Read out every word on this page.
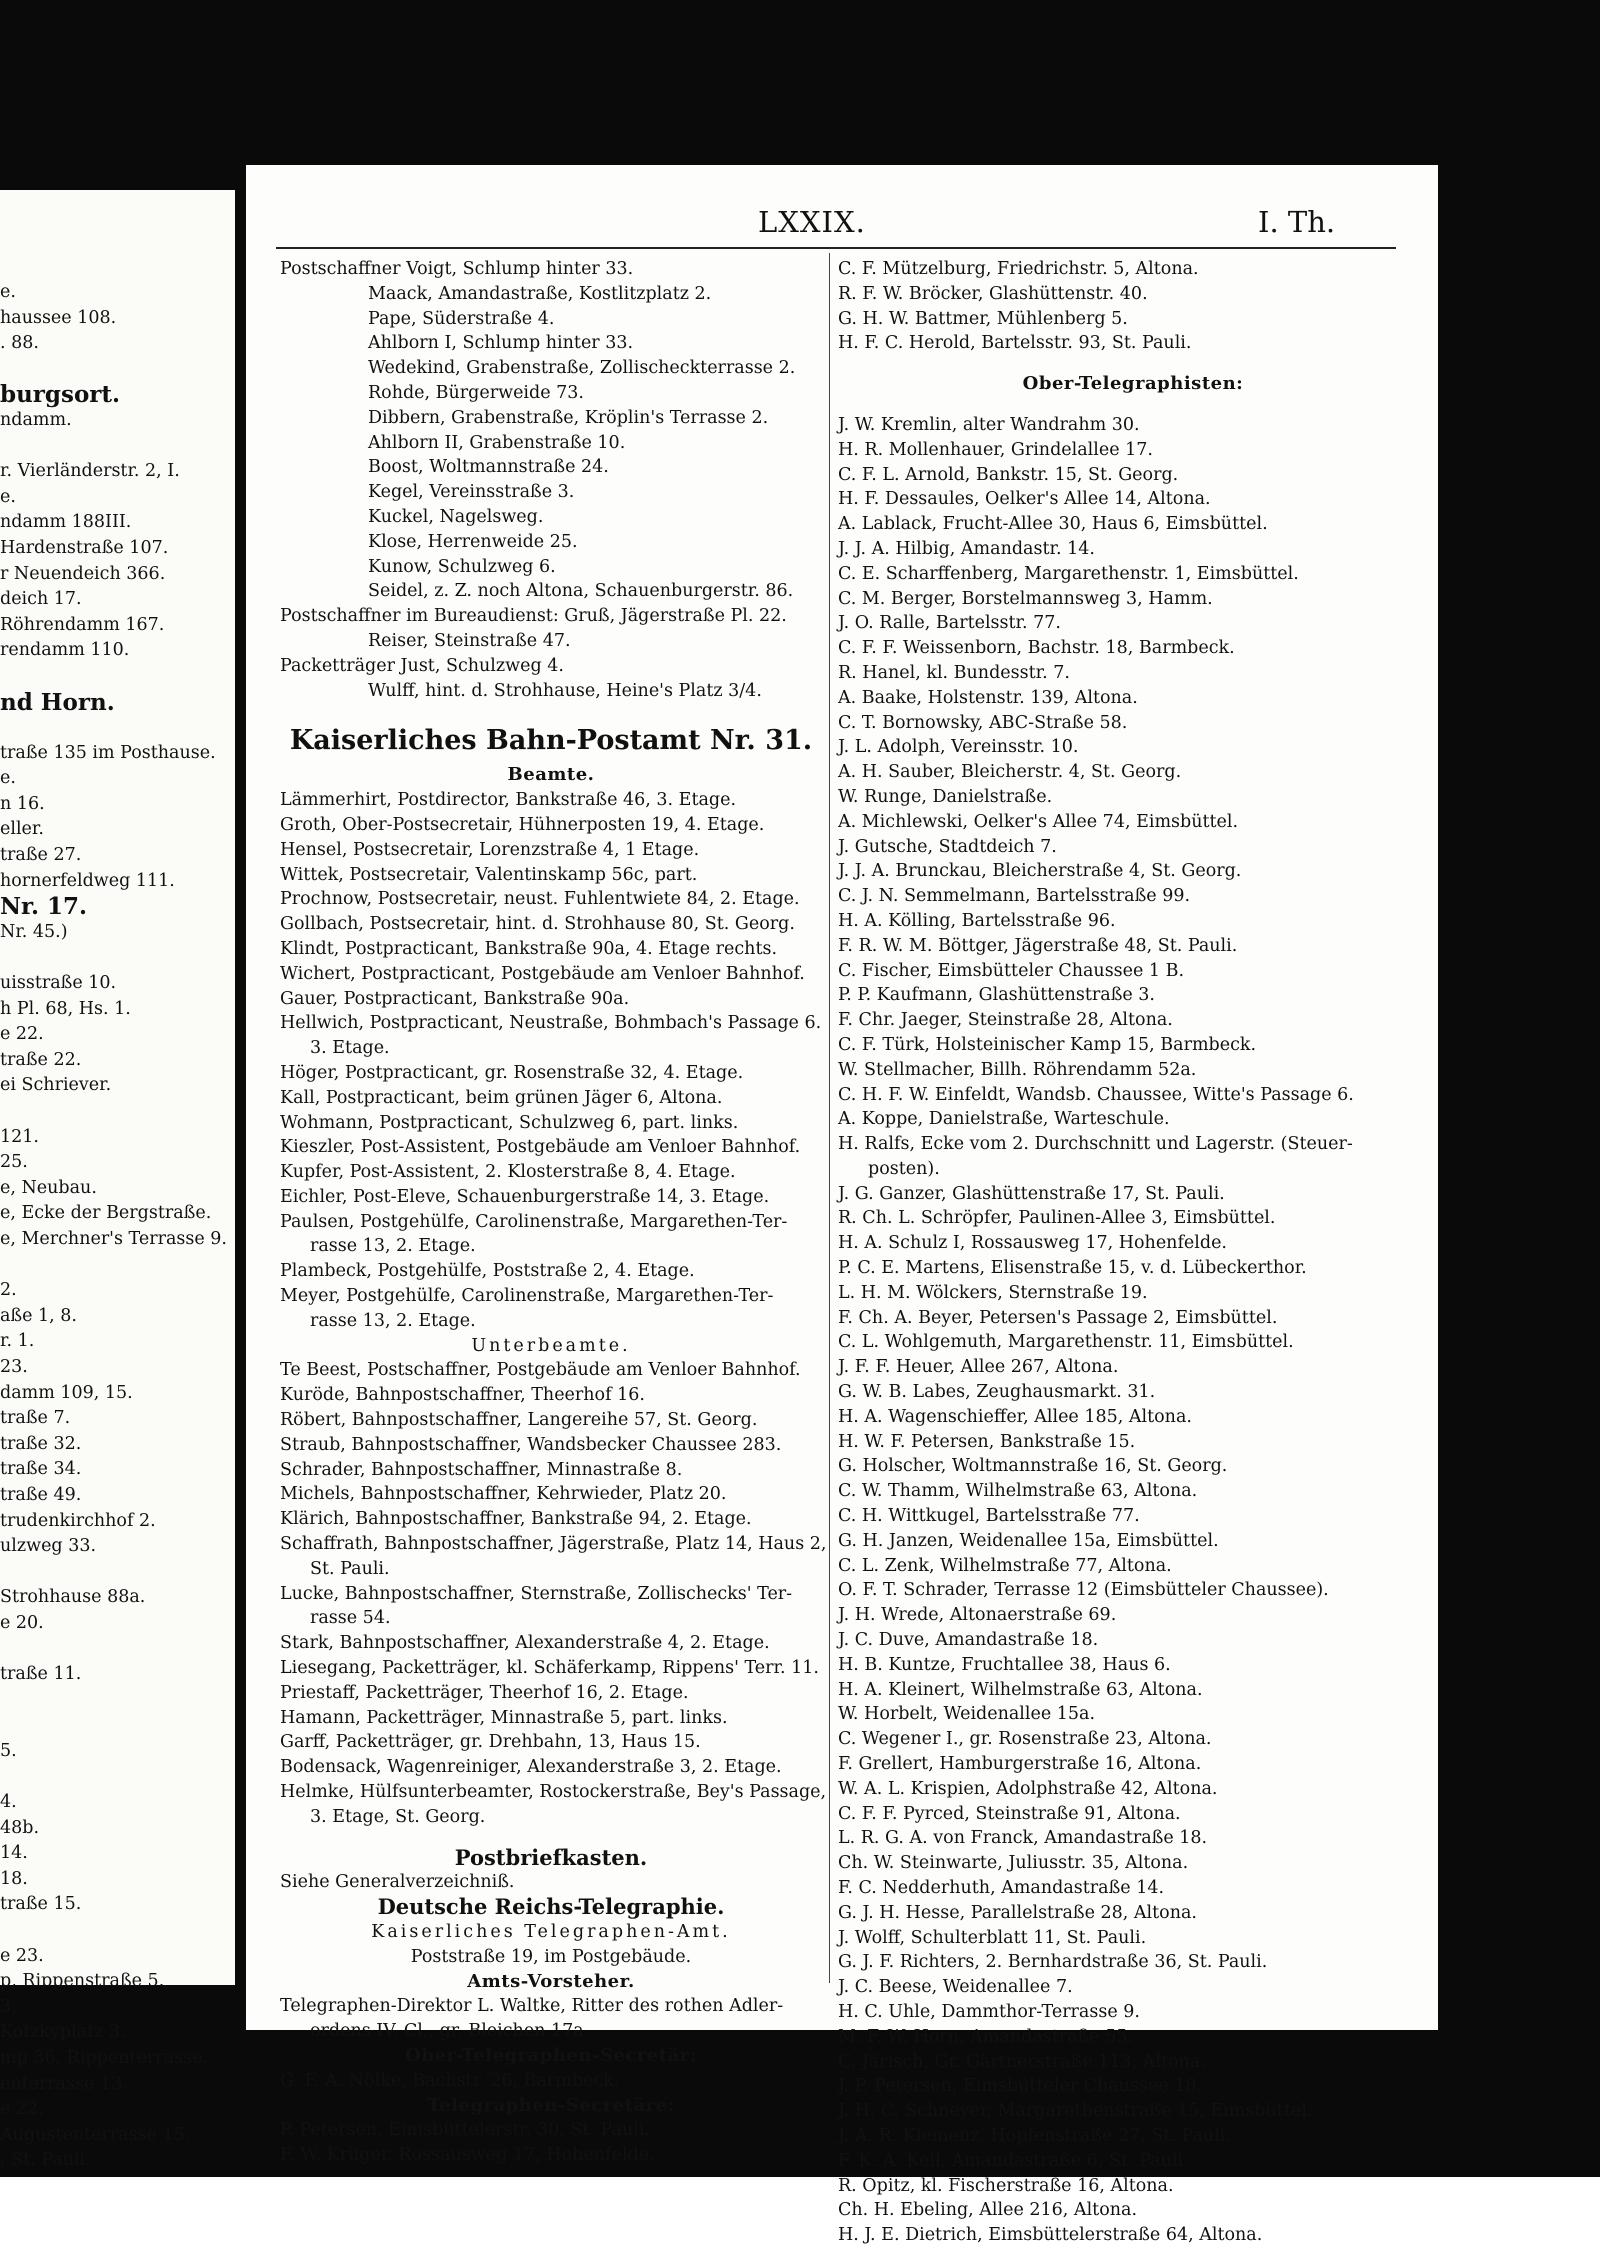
e.
haussee 108.
. 88.
burgsort.
ndamm.
r. Vierländerstr. 2, I.
e.
ndamm 188III.
Hardenstraße 107.
r Neuendeich 366.
deich 17.
Röhrendamm 167.
rendamm 110.
nd Horn.
traße 135 im Posthause.
e.
n 16.
eller.
traße 27.
hornerfeldweg 111.
Nr. 17.
Nr. 45.)
uisstraße 10.
h Pl. 68, Hs. 1.
e 22.
traße 22.
ei Schriever.
121.
25.
e, Neubau.
e, Ecke der Bergstraße.
e, Merchner's Terrasse 9.
2.
aße 1, 8.
r. 1.
23.
damm 109, 15.
traße 7.
traße 32.
traße 34.
traße 49.
trudenkirchhof 2.
ulzweg 33.
Strohhause 88a.
e 20.
traße 11.
5.
4.
48b.
14.
18.
traße 15.
e 23.
p, Rippenstraße 5.
3.
Kotzkyplatz 3.
mp 36, Rippenterrasse.
enterrasse 13.
e 22.
Augustenterrasse 15.
, St. Pauli.
LXXIX.	I. Th.
Postschaffner Voigt, Schlump hinter 33.
Maack, Amandastraße, Kostlitzplatz 2.
Pape, Süderstraße 4.
Ahlborn I, Schlump hinter 33.
Wedekind, Grabenstraße, Zollischeckterrasse 2.
Rohde, Bürgerweide 73.
Dibbern, Grabenstraße, Kröplin's Terrasse 2.
Ahlborn II, Grabenstraße 10.
Boost, Woltmannstraße 24.
Kegel, Vereinsstraße 3.
Kuckel, Nagelsweg.
Klose, Herrenweide 25.
Kunow, Schulzweg 6.
Seidel, z. Z. noch Altona, Schauenburgerstr. 86.
Postschaffner im Bureaudienst: Gruß, Jägerstraße Pl. 22.
Reiser, Steinstraße 47.
Packetträger Just, Schulzweg 4.
Wulff, hint. d. Strohhause, Heine's Platz 3/4.
Kaiserliches Bahn-Postamt Nr. 31.
Beamte.
Lämmerhirt, Postdirector, Bankstraße 46, 3. Etage.
Groth, Ober-Postsecretair, Hühnerposten 19, 4. Etage.
Hensel, Postsecretair, Lorenzstraße 4, 1 Etage.
Wittek, Postsecretair, Valentinskamp 56c, part.
Prochnow, Postsecretair, neust. Fuhlentwiete 84, 2. Etage.
Gollbach, Postsecretair, hint. d. Strohhause 80, St. Georg.
Klindt, Postpracticant, Bankstraße 90a, 4. Etage rechts.
Wichert, Postpracticant, Postgebäude am Venloer Bahnhof.
Gauer, Postpracticant, Bankstraße 90a.
Hellwich, Postpracticant, Neustraße, Bohmbach's Passage 6.
3. Etage.
Höger, Postpracticant, gr. Rosenstraße 32, 4. Etage.
Kall, Postpracticant, beim grünen Jäger 6, Altona.
Wohmann, Postpracticant, Schulzweg 6, part. links.
Kieszler, Post-Assistent, Postgebäude am Venloer Bahnhof.
Kupfer, Post-Assistent, 2. Klosterstraße 8, 4. Etage.
Eichler, Post-Eleve, Schauenburgerstraße 14, 3. Etage.
Paulsen, Postgehülfe, Carolinenstraße, Margarethen-Ter-
rasse 13, 2. Etage.
Plambeck, Postgehülfe, Poststraße 2, 4. Etage.
Meyer, Postgehülfe, Carolinenstraße, Margarethen-Ter-
rasse 13, 2. Etage.
Unterbeamte.
Te Beest, Postschaffner, Postgebäude am Venloer Bahnhof.
Kuröde, Bahnpostschaffner, Theerhof 16.
Röbert, Bahnpostschaffner, Langereihe 57, St. Georg.
Straub, Bahnpostschaffner, Wandsbecker Chaussee 283.
Schrader, Bahnpostschaffner, Minnastraße 8.
Michels, Bahnpostschaffner, Kehrwieder, Platz 20.
Klärich, Bahnpostschaffner, Bankstraße 94, 2. Etage.
Schaffrath, Bahnpostschaffner, Jägerstraße, Platz 14, Haus 2,
St. Pauli.
Lucke, Bahnpostschaffner, Sternstraße, Zollischecks' Ter-
rasse 54.
Stark, Bahnpostschaffner, Alexanderstraße 4, 2. Etage.
Liesegang, Packetträger, kl. Schäferkamp, Rippens' Terr. 11.
Priestaff, Packetträger, Theerhof 16, 2. Etage.
Hamann, Packetträger, Minnastraße 5, part. links.
Garff, Packetträger, gr. Drehbahn, 13, Haus 15.
Bodensack, Wagenreiniger, Alexanderstraße 3, 2. Etage.
Helmke, Hülfsunterbeamter, Rostockerstraße, Bey's Passage,
3. Etage, St. Georg.
Postbriefkasten.
Siehe Generalverzeichniß.
Deutsche Reichs-Telegraphie.
Kaiserliches Telegraphen-Amt.
Poststraße 19, im Postgebäude.
Amts-Vorsteher.
Telegraphen-Direktor L. Waltke, Ritter des rothen Adler-
ordens IV. Cl., gr. Bleichen 17a.
Ober-Telegraphen-Secretär:
G. F. A. Nölke, Bachstr. 26, Barmbeck.
Telegraphen-Secretäre:
P. Petersen, Eimsbüttelerstr. 30, St. Pauli.
F. W. Krüger, Rossausweg 17, Hohenfelde.
C. F. Mützelburg, Friedrichstr. 5, Altona.
R. F. W. Bröcker, Glashüttenstr. 40.
G. H. W. Battmer, Mühlenberg 5.
H. F. C. Herold, Bartelsstr. 93, St. Pauli.
Ober-Telegraphisten:
J. W. Kremlin, alter Wandrahm 30.
H. R. Mollenhauer, Grindelallee 17.
C. F. L. Arnold, Bankstr. 15, St. Georg.
H. F. Dessaules, Oelker's Allee 14, Altona.
A. Lablack, Frucht-Allee 30, Haus 6, Eimsbüttel.
J. J. A. Hilbig, Amandastr. 14.
C. E. Scharffenberg, Margarethenstr. 1, Eimsbüttel.
C. M. Berger, Borstelmannsweg 3, Hamm.
J. O. Ralle, Bartelsstr. 77.
C. F. F. Weissenborn, Bachstr. 18, Barmbeck.
R. Hanel, kl. Bundesstr. 7.
A. Baake, Holstenstr. 139, Altona.
C. T. Bornowsky, ABC-Straße 58.
J. L. Adolph, Vereinsstr. 10.
A. H. Sauber, Bleicherstr. 4, St. Georg.
W. Runge, Danielstraße.
A. Michlewski, Oelker's Allee 74, Eimsbüttel.
J. Gutsche, Stadtdeich 7.
J. J. A. Brunckau, Bleicherstraße 4, St. Georg.
C. J. N. Semmelmann, Bartelsstraße 99.
H. A. Kölling, Bartelsstraße 96.
F. R. W. M. Böttger, Jägerstraße 48, St. Pauli.
C. Fischer, Eimsbütteler Chaussee 1 B.
P. P. Kaufmann, Glashüttenstraße 3.
F. Chr. Jaeger, Steinstraße 28, Altona.
C. F. Türk, Holsteinischer Kamp 15, Barmbeck.
W. Stellmacher, Billh. Röhrendamm 52a.
C. H. F. W. Einfeldt, Wandsb. Chaussee, Witte's Passage 6.
A. Koppe, Danielstraße, Warteschule.
H. Ralfs, Ecke vom 2. Durchschnitt und Lagerstr. (Steuer-
posten).
J. G. Ganzer, Glashüttenstraße 17, St. Pauli.
R. Ch. L. Schröpfer, Paulinen-Allee 3, Eimsbüttel.
H. A. Schulz I, Rossausweg 17, Hohenfelde.
P. C. E. Martens, Elisenstraße 15, v. d. Lübeckerthor.
L. H. M. Wölckers, Sternstraße 19.
F. Ch. A. Beyer, Petersen's Passage 2, Eimsbüttel.
C. L. Wohlgemuth, Margarethenstr. 11, Eimsbüttel.
J. F. F. Heuer, Allee 267, Altona.
G. W. B. Labes, Zeughausmarkt. 31.
H. A. Wagenschieffer, Allee 185, Altona.
H. W. F. Petersen, Bankstraße 15.
G. Holscher, Woltmannstraße 16, St. Georg.
C. W. Thamm, Wilhelmstraße 63, Altona.
C. H. Wittkugel, Bartelsstraße 77.
G. H. Janzen, Weidenallee 15a, Eimsbüttel.
C. L. Zenk, Wilhelmstraße 77, Altona.
O. F. T. Schrader, Terrasse 12 (Eimsbütteler Chaussee).
J. H. Wrede, Altonaerstraße 69.
J. C. Duve, Amandastraße 18.
H. B. Kuntze, Fruchtallee 38, Haus 6.
H. A. Kleinert, Wilhelmstraße 63, Altona.
W. Horbelt, Weidenallee 15a.
C. Wegener I., gr. Rosenstraße 23, Altona.
F. Grellert, Hamburgerstraße 16, Altona.
W. A. L. Krispien, Adolphstraße 42, Altona.
C. F. F. Pyrced, Steinstraße 91, Altona.
L. R. G. A. von Franck, Amandastraße 18.
Ch. W. Steinwarte, Juliusstr. 35, Altona.
F. C. Nedderhuth, Amandastraße 14.
G. J. H. Hesse, Parallelstraße 28, Altona.
J. Wolff, Schulterblatt 11, St. Pauli.
G. J. F. Richters, 2. Bernhardstraße 36, St. Pauli.
J. C. Beese, Weidenallee 7.
H. C. Uhle, Dammthor-Terrasse 9.
M. F. W. Horn, Amandastraße 55.
C. Järisch, Gr. Gärtnerstraße 113, Altona.
J. P. Petersen, Eimsbütteler Chaussee 18.
J. H. C. Schneyer, Margarethenstraße 15, Eimsbüttel.
J. A. R. Klemenz, Hopfenstraße 27, St. Pauli.
F. K. A. Keil, Amandastraße 6, St. Pauli.
R. Opitz, kl. Fischerstraße 16, Altona.
Ch. H. Ebeling, Allee 216, Altona.
H. J. E. Dietrich, Eimsbüttelerstraße 64, Altona.
